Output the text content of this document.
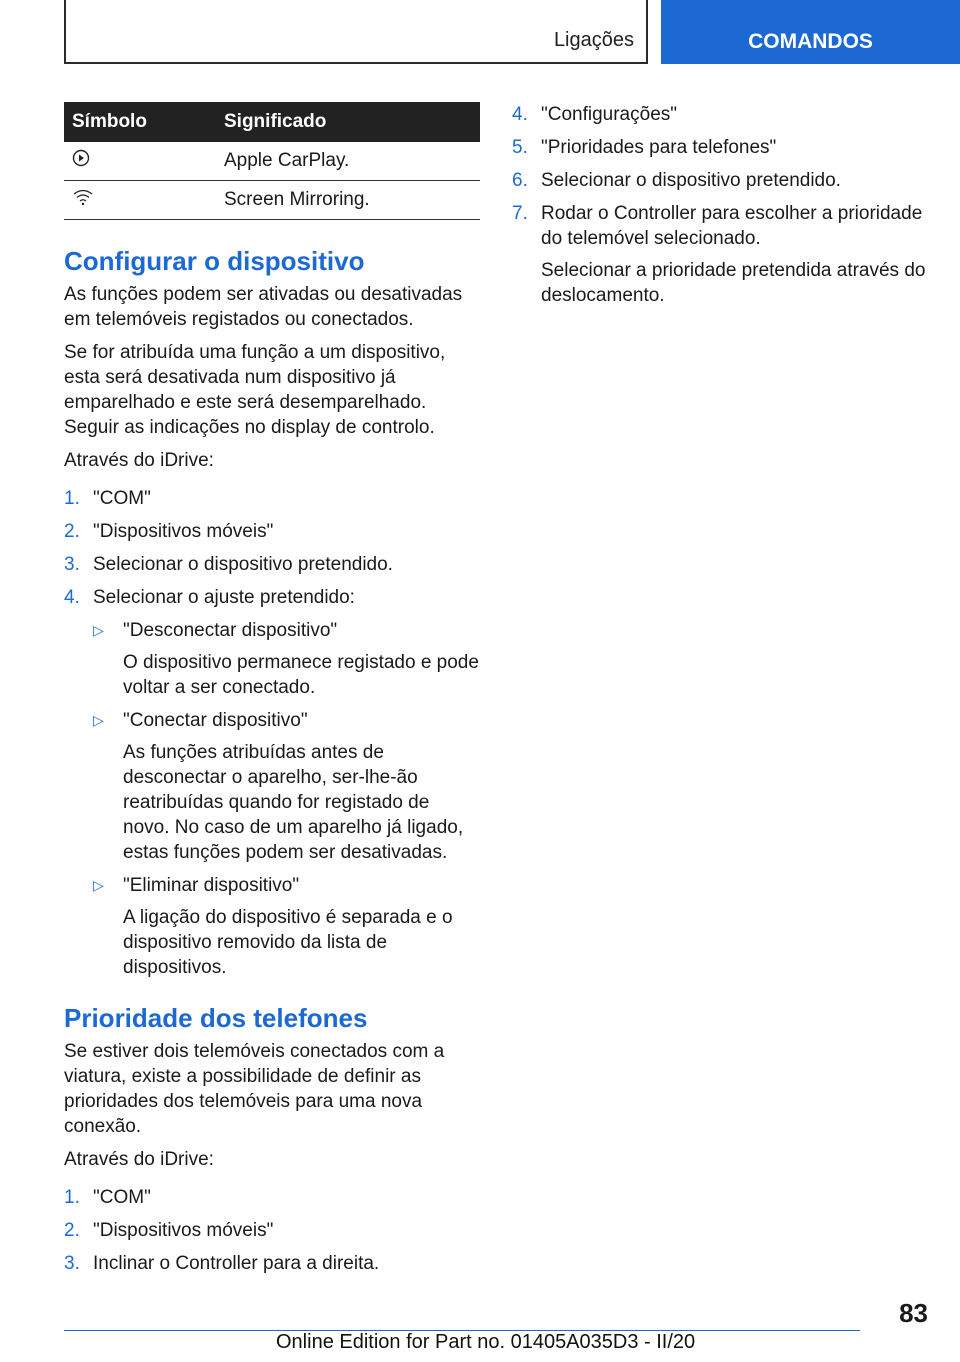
Ligações	COMANDOS
Símbolo	Significado
	Apple CarPlay.
	Screen Mirroring.
Configurar o dispositivo

As funções podem ser ativadas ou desativadas em telemóveis registados ou conectados.

Se for atribuída uma função a um dispositivo, esta será desativada num dispositivo já emparelhado e este será desemparelhado. Seguir as indicações no display de controlo.

Através do iDrive:

1. "COM"
2. "Dispositivos móveis"
3. Selecionar o dispositivo pretendido.
4. Selecionar o ajuste pretendido:
▷	"Desconectar dispositivo"

O dispositivo permanece registado e pode voltar a ser conectado.

▷	"Conectar dispositivo"

As funções atribuídas antes de desconectar o aparelho, ser-lhe-ão reatribuídas quando for registado de novo. No caso de um aparelho já ligado, estas funções podem ser desativadas.

▷	"Eliminar dispositivo"

A ligação do dispositivo é separada e o dispositivo removido da lista de dispositivos.

Prioridade dos telefones

Se estiver dois telemóveis conectados com a viatura, existe a possibilidade de definir as prioridades dos telemóveis para uma nova conexão.

Através do iDrive:

1. "COM"
2. "Dispositivos móveis"
3. Inclinar o Controller para a direita.
4. "Configurações"
5. "Prioridades para telefones"
6. Selecionar o dispositivo pretendido.
7. Rodar o Controller para escolher a prioridade do telemóvel selecionado.

Selecionar a prioridade pretendida através do deslocamento.

83
Online Edition for Part no. 01405A035D3 - II/20
